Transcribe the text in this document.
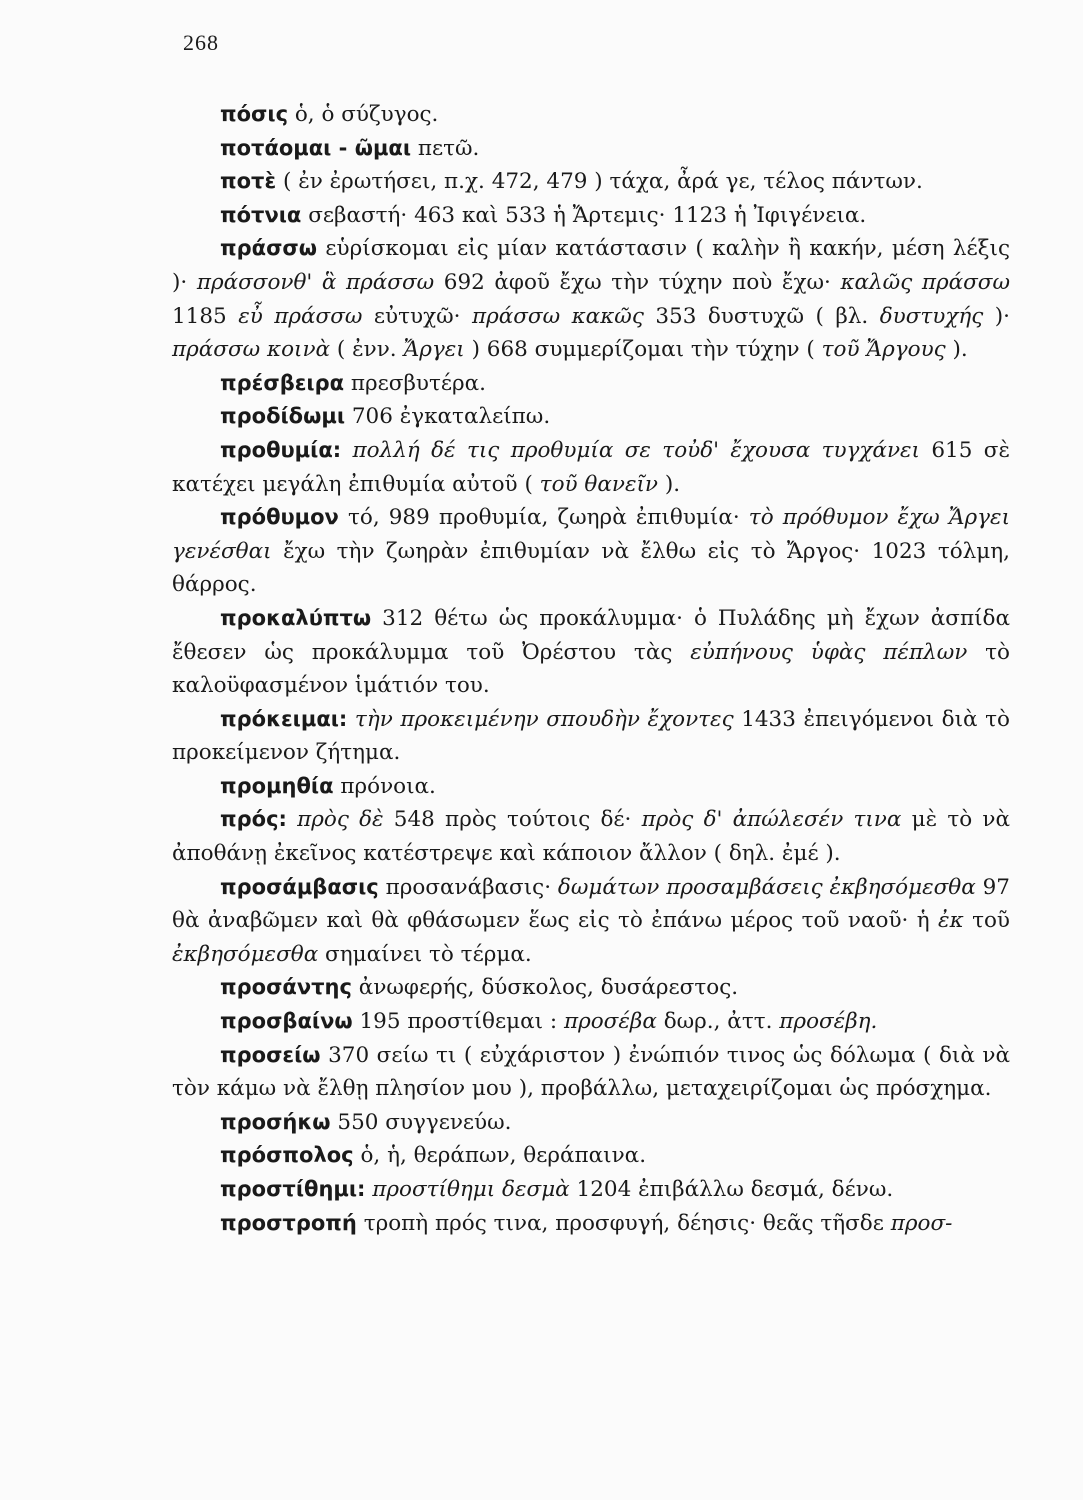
268

πόσις ὁ, ὁ σύζυγος.

ποτάομαι - ῶμαι πετῶ.

ποτὲ ( ἐν ἐρωτήσει, π.χ. 472, 479 ) τάχα, ἆρά γε, τέλος πάντων.

πότνια σεβαστή· 463 καὶ 533 ἡ Ἄρτεμις· 1123 ἡ Ἰφιγένεια.

πράσσω εὑρίσκομαι εἰς μίαν κατάστασιν ( καλὴν ἢ κακήν, μέση λέξις )· πράσσονθ' ἃ πράσσω 692 ἀφοῦ ἔχω τὴν τύχην ποὺ ἔχω· καλῶς πράσσω 1185 εὖ πράσσω εὐτυχῶ· πράσσω κακῶς 353 δυστυχῶ ( βλ. δυστυχής )· πράσσω κοινὰ ( ἐνν. Ἄργει ) 668 συμμερίζομαι τὴν τύχην ( τοῦ Ἄργους ).

πρέσβειρα πρεσβυτέρα.

προδίδωμι 706 ἐγκαταλείπω.

προθυμία: πολλή δέ τις προθυμία σε τοὐδ' ἔχουσα τυγχάνει 615 σὲ κατέχει μεγάλη ἐπιθυμία αὐτοῦ ( τοῦ θανεῖν ).

πρόθυμον τό, 989 προθυμία, ζωηρὰ ἐπιθυμία· τὸ πρόθυμον ἔχω Ἄργει γενέσθαι ἔχω τὴν ζωηρὰν ἐπιθυμίαν νὰ ἔλθω εἰς τὸ Ἄργος· 1023 τόλμη, θάρρος.

προκαλύπτω 312 θέτω ὡς προκάλυμμα· ὁ Πυλάδης μὴ ἔχων ἀσπίδα ἔθεσεν ὡς προκάλυμμα τοῦ Ὀρέστου τὰς εὐπήνους ὑφὰς πέπλων τὸ καλοϋφασμένον ἱμάτιόν του.

πρόκειμαι: τὴν προκειμένην σπουδὴν ἔχοντες 1433 ἐπειγόμενοι διὰ τὸ προκείμενον ζήτημα.

προμηθία πρόνοια.

πρός: πρὸς δὲ 548 πρὸς τούτοις δέ· πρὸς δ' ἀπώλεσέν τινα μὲ τὸ νὰ ἀποθάνῃ ἐκεῖνος κατέστρεψε καὶ κάποιον ἄλλον ( δηλ. ἐμέ ).

προσάμβασις προσανάβασις· δωμάτων προσαμβάσεις ἐκβησόμεσθα 97 θὰ ἀναβῶμεν καὶ θὰ φθάσωμεν ἕως εἰς τὸ ἐπάνω μέρος τοῦ ναοῦ· ἡ ἐκ τοῦ ἐκβησόμεσθα σημαίνει τὸ τέρμα.

προσάντης ἀνωφερής, δύσκολος, δυσάρεστος.

προσβαίνω 195 προστίθεμαι : προσέβα δωρ., ἀττ. προσέβη.

προσείω 370 σείω τι ( εὐχάριστον ) ἐνώπιόν τινος ὡς δόλωμα ( διὰ νὰ τὸν κάμω νὰ ἔλθῃ πλησίον μου ), προβάλλω, μεταχειρίζομαι ὡς πρόσχημα.

προσήκω 550 συγγενεύω.

πρόσπολος ὁ, ἡ, θεράπων, θεράπαινα.

προστίθημι: προστίθημι δεσμὰ 1204 ἐπιβάλλω δεσμά, δένω.

προστροπή τροπὴ πρός τινα, προσφυγή, δέησις· θεᾶς τῆσδε προσ-
